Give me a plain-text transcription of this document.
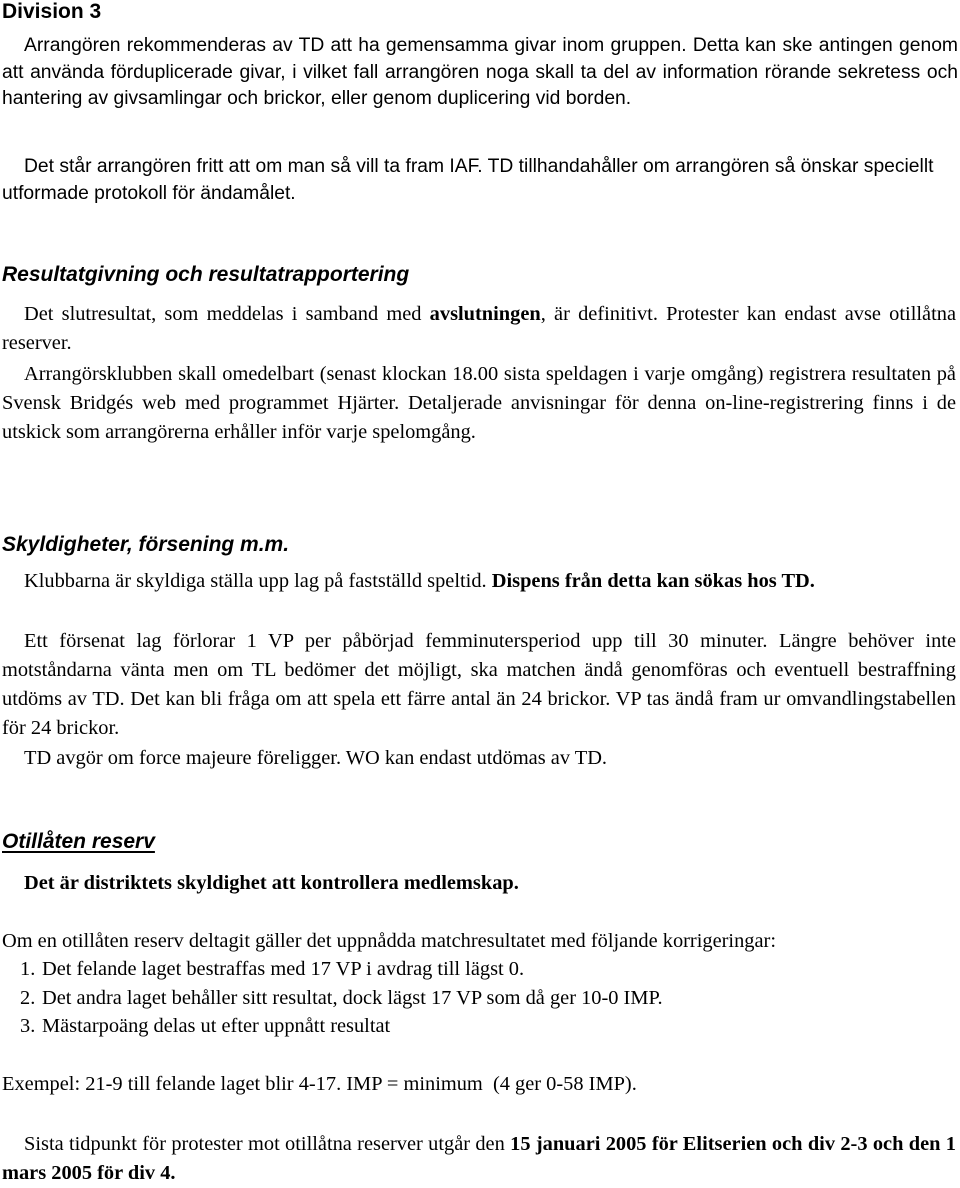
Division 3

Arrangören rekommenderas av TD att ha gemensamma givar inom gruppen. Detta kan ske antingen genom att använda förduplicerade givar, i vilket fall arrangören noga skall ta del av information rörande sekretess och hantering av givsamlingar och brickor, eller genom duplicering vid borden.

Det står arrangören fritt att om man så vill ta fram IAF. TD tillhandahåller om arrangören så önskar speciellt utformade protokoll för ändamålet.

Resultatgivning och resultatrapportering

Det slutresultat, som meddelas i samband med avslutningen, är definitivt. Protester kan endast avse otillåtna reserver.

Arrangörsklubben skall omedelbart (senast klockan 18.00 sista speldagen i varje omgång) registrera resultaten på Svensk Bridgés web med programmet Hjärter. Detaljerade anvisningar för denna on-line-registrering finns i de utskick som arrangörerna erhåller inför varje spelomgång.

Skyldigheter, försening m.m.

Klubbarna är skyldiga ställa upp lag på fastställd speltid. Dispens från detta kan sökas hos TD.

Ett försenat lag förlorar 1 VP per påbörjad femminutersperiod upp till 30 minuter. Längre behöver inte motståndarna vänta men om TL bedömer det möjligt, ska matchen ändå genomföras och eventuell bestraffning utdöms av TD. Det kan bli fråga om att spela ett färre antal än 24 brickor. VP tas ändå fram ur omvandlingstabellen för 24 brickor.

TD avgör om force majeure föreligger. WO kan endast utdömas av TD.

Otillåten reserv

Det är distriktets skyldighet att kontrollera medlemskap.

Om en otillåten reserv deltagit gäller det uppnådda matchresultatet med följande korrigeringar:

1. Det felande laget bestraffas med 17 VP i avdrag till lägst 0.
2. Det andra laget behåller sitt resultat, dock lägst 17 VP som då ger 10-0 IMP.
3. Mästarpoäng delas ut efter uppnått resultat

Exempel: 21-9 till felande laget blir 4-17. IMP = minimum  (4 ger 0-58 IMP).

Sista tidpunkt för protester mot otillåtna reserver utgår den 15 januari 2005 för Elitserien och div 2-3 och den 1 mars 2005 för div 4.
